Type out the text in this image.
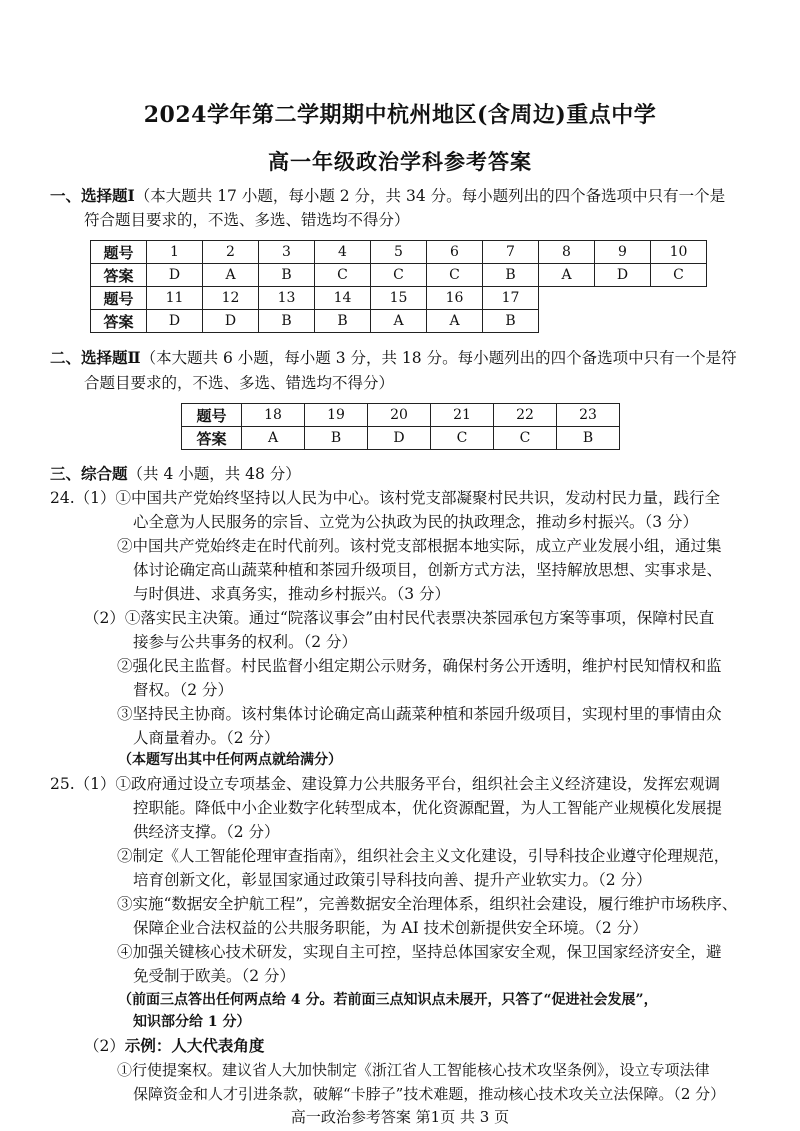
2024学年第二学期期中杭州地区(含周边)重点中学
高一年级政治学科参考答案
一、选择题Ⅰ（本大题共 17 小题，每小题 2 分，共 34 分。每小题列出的四个备选项中只有一个是
符合题目要求的，不选、多选、错选均不得分）
题号	1	2	3	4	5	6	7	8	9	10
答案	D	A	B	C	C	C	B	A	D	C
题号	11	12	13	14	15	16	17			
答案	D	D	B	B	A	A	B			
二、选择题Ⅱ（本大题共 6 小题，每小题 3 分，共 18 分。每小题列出的四个备选项中只有一个是符
合题目要求的，不选、多选、错选均不得分）
题号	18	19	20	21	22	23
答案	A	B	D	C	C	B
三、综合题（共 4 小题，共 48 分）
24.（1）①中国共产党始终坚持以人民为中心。该村党支部凝聚村民共识，发动村民力量，践行全
心全意为人民服务的宗旨、立党为公执政为民的执政理念，推动乡村振兴。（3 分）
②中国共产党始终走在时代前列。该村党支部根据本地实际，成立产业发展小组，通过集
体讨论确定高山蔬菜种植和茶园升级项目，创新方式方法，坚持解放思想、实事求是、
与时俱进、求真务实，推动乡村振兴。（3 分）
（2）①落实民主决策。通过“院落议事会”由村民代表票决茶园承包方案等事项，保障村民直
接参与公共事务的权利。（2 分）
②强化民主监督。村民监督小组定期公示财务，确保村务公开透明，维护村民知情权和监
督权。（2 分）
③坚持民主协商。该村集体讨论确定高山蔬菜种植和茶园升级项目，实现村里的事情由众
人商量着办。（2 分）
（本题写出其中任何两点就给满分）
25.（1）①政府通过设立专项基金、建设算力公共服务平台，组织社会主义经济建设，发挥宏观调
控职能。降低中小企业数字化转型成本，优化资源配置，为人工智能产业规模化发展提
供经济支撑。（2 分）
②制定《人工智能伦理审查指南》，组织社会主义文化建设，引导科技企业遵守伦理规范，
培育创新文化，彰显国家通过政策引导科技向善、提升产业软实力。（2 分）
③实施“数据安全护航工程”，完善数据安全治理体系，组织社会建设，履行维护市场秩序、
保障企业合法权益的公共服务职能，为 AI 技术创新提供安全环境。（2 分）
④加强关键核心技术研发，实现自主可控，坚持总体国家安全观，保卫国家经济安全，避
免受制于欧美。（2 分）
（前面三点答出任何两点给 4 分。若前面三点知识点未展开，只答了“促进社会发展”，
知识部分给 1 分）
（2）示例：人大代表角度
①行使提案权。建议省人大加快制定《浙江省人工智能核心技术攻坚条例》，设立专项法律
保障资金和人才引进条款，破解“卡脖子”技术难题，推动核心技术攻关立法保障。（2 分）
高一政治参考答案 第1页 共 3 页
